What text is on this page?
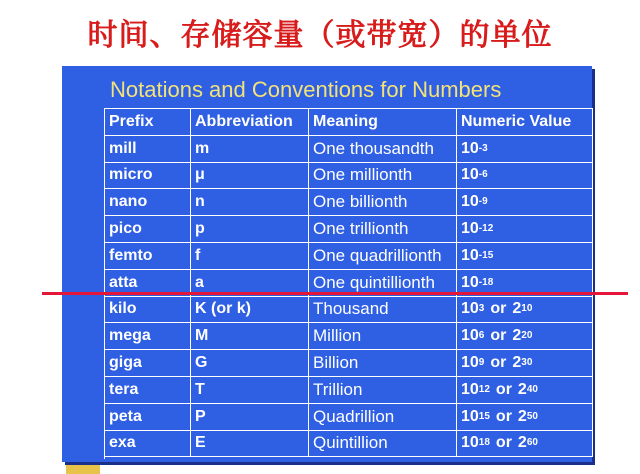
时间、存储容量（或带宽）的单位
Notations and Conventions for Numbers
Prefix	Abbreviation	Meaning	Numeric Value
mill	m	One thousandth	10 -3
micro	μ	One millionth	10 -6
nano	n	One billionth	10 -9
pico	p	One trillionth	10 -12
femto	f	One quadrillionth	10 -15
atta	a	One quintillionth	10 -18
kilo	K (or k)	Thousand	10 3 or 2 10
mega	M	Million	10 6 or 2 20
giga	G	Billion	10 9 or 2 30
tera	T	Trillion	10 12 or 2 40
peta	P	Quadrillion	10 15 or 2 50
exa	E	Quintillion	10 18 or 2 60
